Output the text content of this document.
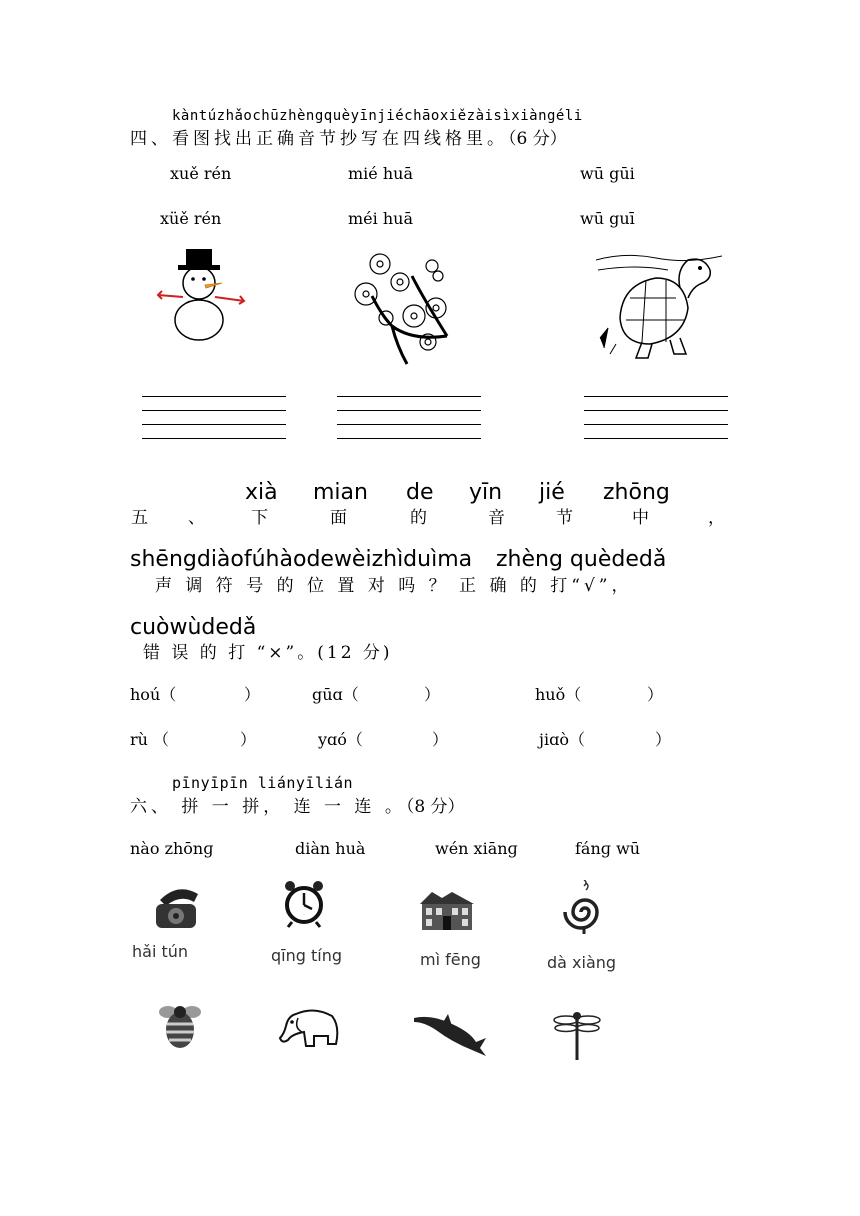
kàntúzhǎochūzhèngquèyīnjiéchāoxiězàisìxiàngéli
四、看图找出正确音节抄写在四线格里。（6 分）
xuě rén
xüě rén
mié huā
méi huā
wū gūi
wū guī
xià mian de yīn jié zhōng
五 、 下	面	的	音	节	中	，
shēngdiàofúhàodewèizhìduìma zhèng quèdedǎ
声 调 符 号 的 位 置 对 吗 ？ 正 确 的 打“√”，
cuòwùdedǎ
错 误 的 打 “×”。(12 分)
hoú（	）	gūɑ（	）	huǒ（	）
rù （	）	yɑó（	）	jiɑò（	）
pīnyīpīn liányīlián
六、 拼 一 拼， 连 一 连 。（8 分）
nào zhōnɡ	diàn huà	wén xiānɡ	fánɡ wū
hǎi tún	qīng tíng	mì fēng	dà xiàng
